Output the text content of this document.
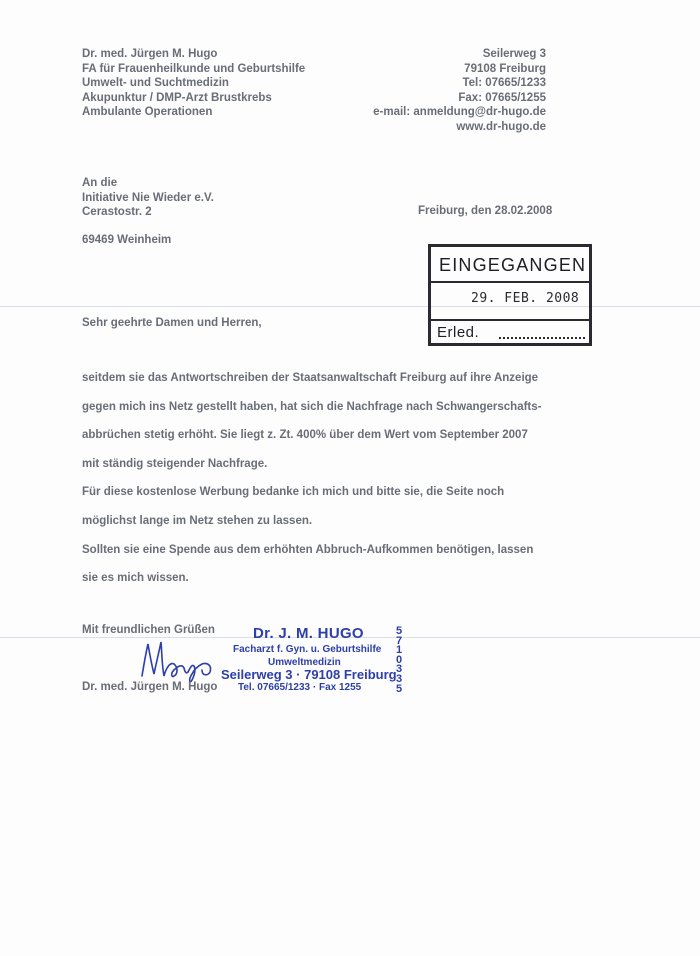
Dr. med. Jürgen M. Hugo
FA für Frauenheilkunde und Geburtshilfe
Umwelt- und Suchtmedizin
Akupunktur / DMP-Arzt Brustkrebs
Ambulante Operationen
Seilerweg 3
79108 Freiburg
Tel: 07665/1233
Fax: 07665/1255
e-mail: anmeldung@dr-hugo.de
www.dr-hugo.de
An die
Initiative Nie Wieder e.V.
Cerastostr. 2
69469 Weinheim
Freiburg, den 28.02.2008
EINGEGANGEN
29. FEB. 2008
Erled.
Sehr geehrte Damen und Herren,
seitdem sie das Antwortschreiben der Staatsanwaltschaft Freiburg auf ihre Anzeige
gegen mich ins Netz gestellt haben, hat sich die Nachfrage nach Schwangerschafts-
abbrüchen stetig erhöht. Sie liegt z. Zt. 400% über dem Wert vom September 2007
mit ständig steigender Nachfrage.
Für diese kostenlose Werbung bedanke ich mich und bitte sie, die Seite noch
möglichst lange im Netz stehen zu lassen.
Sollten sie eine Spende aus dem erhöhten Abbruch-Aufkommen benötigen, lassen
sie es mich wissen.
Mit freundlichen Grüßen
Dr. med. Jürgen M. Hugo
Dr. J. M. HUGO
Facharzt f. Gyn. u. Geburtshilfe
Umweltmedizin
Seilerweg 3 · 79108 Freiburg
Tel. 07665/1233 · Fax 1255
5710335
